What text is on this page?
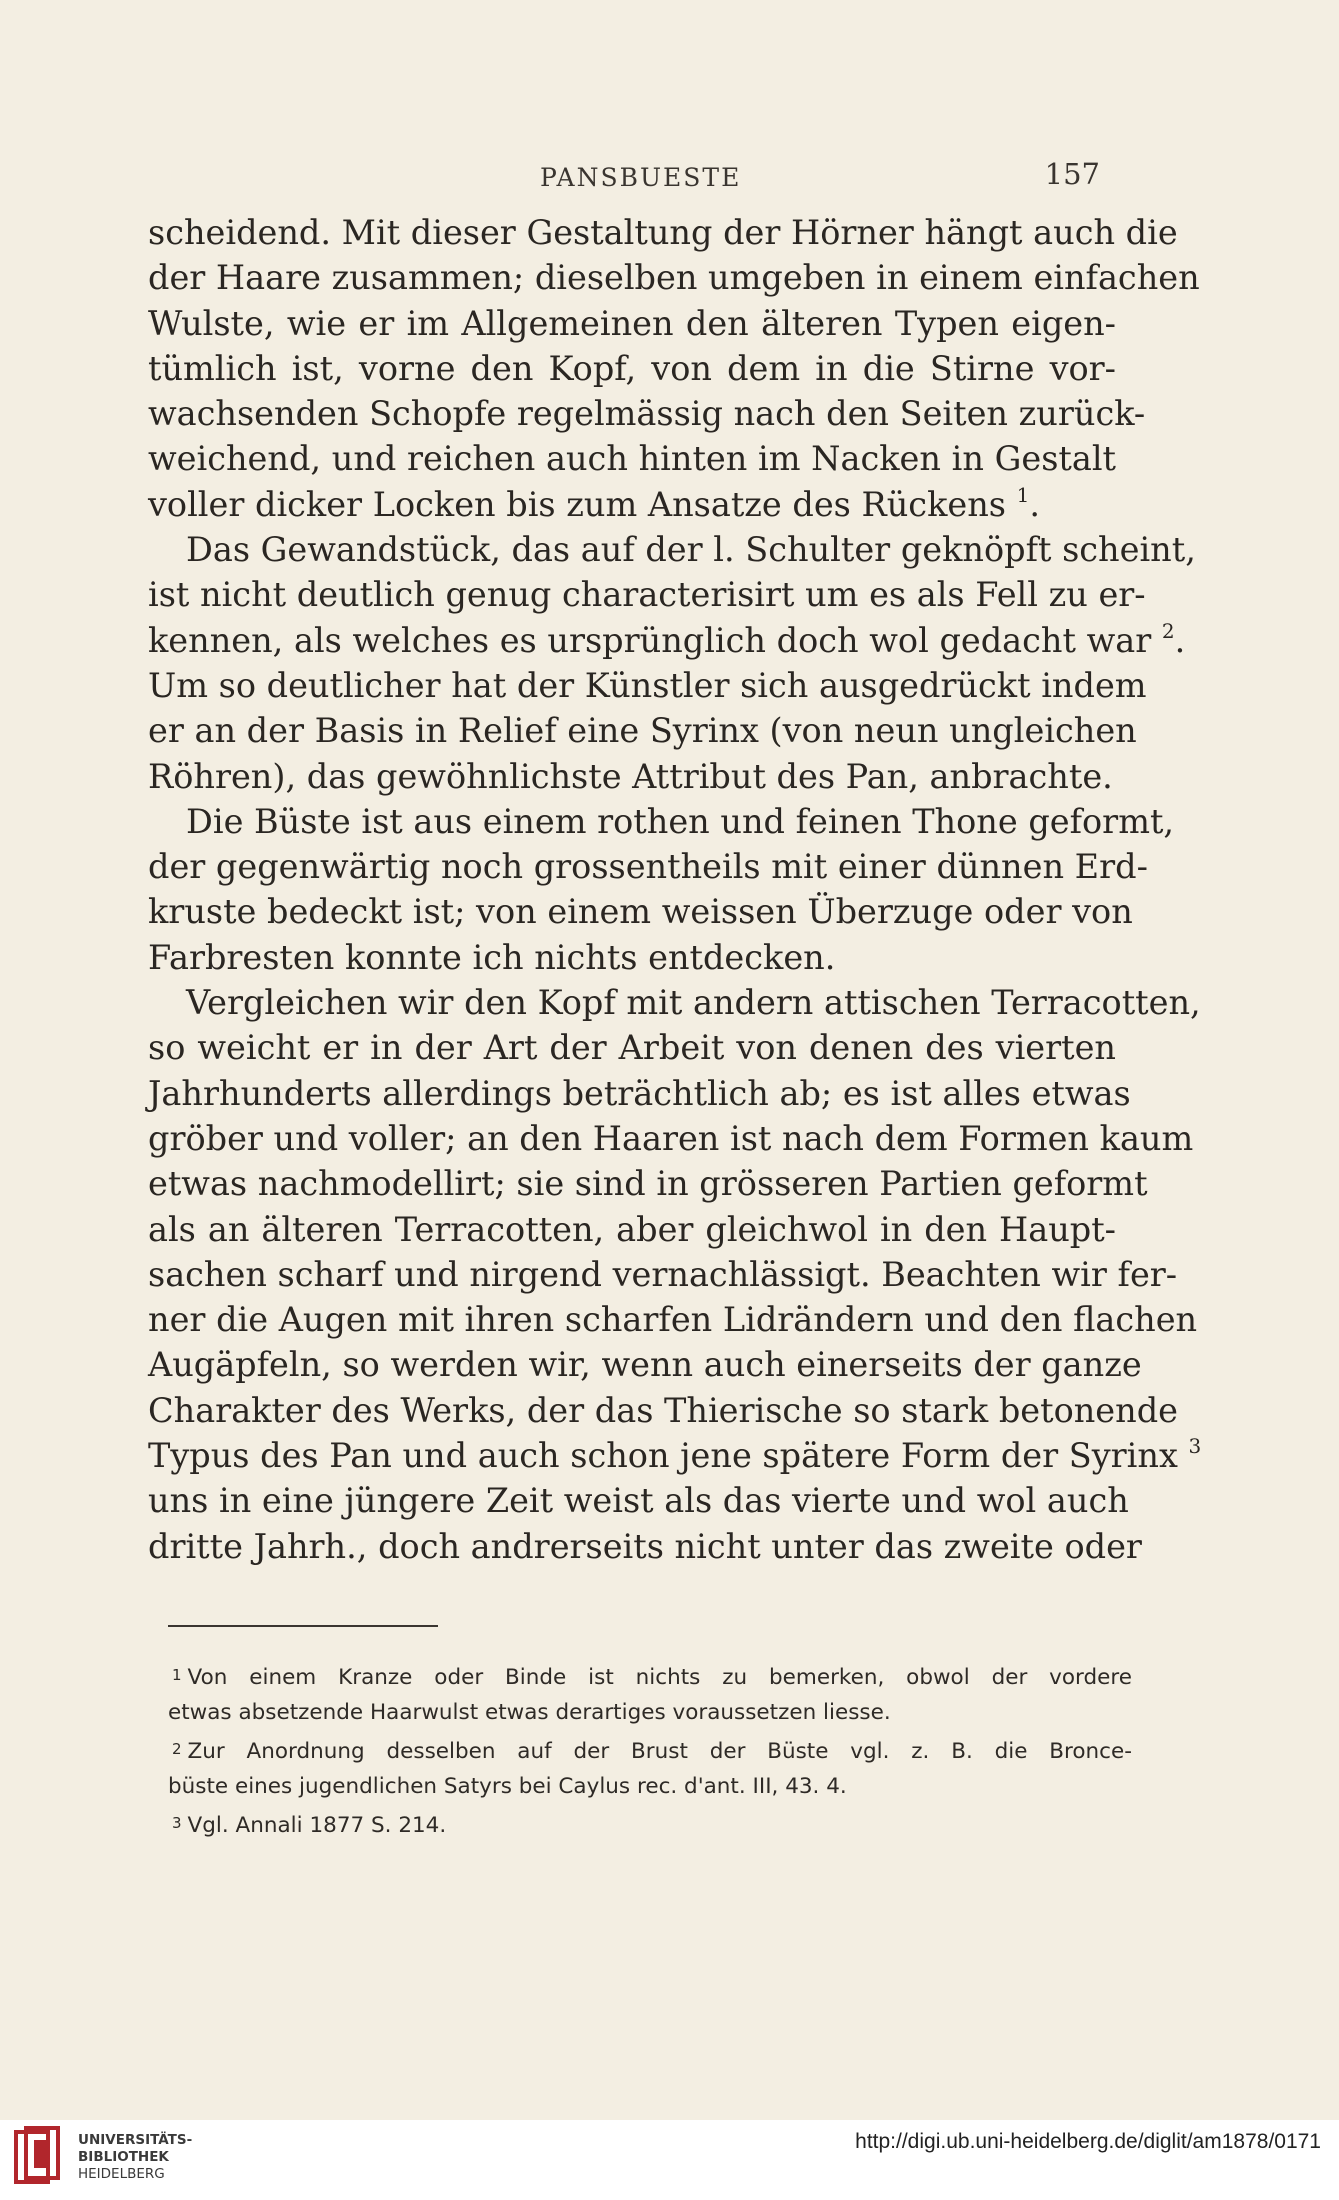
PANSBUESTE	157
scheidend. Mit dieser Gestaltung der Hörner hängt auch die
der Haare zusammen; dieselben umgeben in einem einfachen
Wulste, wie er im Allgemeinen den älteren Typen eigen-
tümlich ist, vorne den Kopf, von dem in die Stirne vor-
wachsenden Schopfe regelmässig nach den Seiten zurück-
weichend, und reichen auch hinten im Nacken in Gestalt
voller dicker Locken bis zum Ansatze des Rückens $^1$.
Das Gewandstück, das auf der l. Schulter geknöpft scheint,
ist nicht deutlich genug characterisirt um es als Fell zu er-
kennen, als welches es ursprünglich doch wol gedacht war $^2$.
Um so deutlicher hat der Künstler sich ausgedrückt indem
er an der Basis in Relief eine Syrinx (von neun ungleichen
Röhren), das gewöhnlichste Attribut des Pan, anbrachte.
Die Büste ist aus einem rothen und feinen Thone geformt,
der gegenwärtig noch grossentheils mit einer dünnen Erd-
kruste bedeckt ist; von einem weissen Überzuge oder von
Farbresten konnte ich nichts entdecken.
Vergleichen wir den Kopf mit andern attischen Terracotten,
so weicht er in der Art der Arbeit von denen des vierten
Jahrhunderts allerdings beträchtlich ab; es ist alles etwas
gröber und voller; an den Haaren ist nach dem Formen kaum
etwas nachmodellirt; sie sind in grösseren Partien geformt
als an älteren Terracotten, aber gleichwol in den Haupt-
sachen scharf und nirgend vernachlässigt. Beachten wir fer-
ner die Augen mit ihren scharfen Lidrändern und den flachen
Augäpfeln, so werden wir, wenn auch einerseits der ganze
Charakter des Werks, der das Thierische so stark betonende
Typus des Pan und auch schon jene spätere Form der Syrinx $^3$
uns in eine jüngere Zeit weist als das vierte und wol auch
dritte Jahrh., doch andrerseits nicht unter das zweite oder
1 Von einem Kranze oder Binde ist nichts zu bemerken, obwol der vordere
etwas absetzende Haarwulst etwas derartiges voraussetzen liesse.
2 Zur Anordnung desselben auf der Brust der Büste vgl. z. B. die Bronce-
büste eines jugendlichen Satyrs bei Caylus rec. d'ant. III, 43. 4.
3 Vgl. Annali 1877 S. 214.
UNIVERSITÄTS-
BIBLIOTHEK
HEIDELBERG
http://digi.ub.uni-heidelberg.de/diglit/am1878/0171
